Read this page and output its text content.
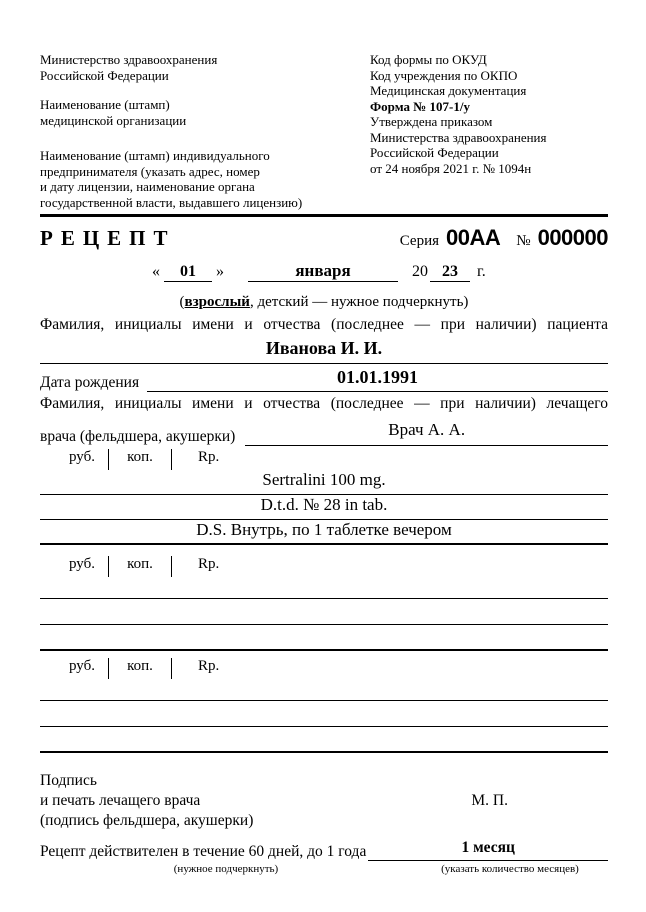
Министерство здравоохранения
Российской Федерации
Наименование (штамп)
медицинской организации
Наименование (штамп) индивидуального
предпринимателя (указать адрес, номер
и дату лицензии, наименование органа
государственной власти, выдавшего лицензию)
Код формы по ОКУД
Код учреждения по ОКПО
Медицинская документация
Форма № 107-1/у
Утверждена приказом
Министерства здравоохранения
Российской Федерации
от 24 ноября 2021 г. № 1094н
РЕЦЕПТ	Серия 00АА № 000000
«	01	»	января	20 23	г.
(взрослый, детский — нужное подчеркнуть)
Фамилия, инициалы имени и отчества (последнее — при наличии) пациента
Иванова И. И.
Дата рождения	01.01.1991
Фамилия, инициалы имени и отчества (последнее — при наличии) лечащего
врача (фельдшера, акушерки)	Врач А. А.
руб.	коп.	Rp.
Sertralini 100 mg.
D.t.d. № 28 in tab.
D.S. Внутрь, по 1 таблетке вечером
руб.	коп.	Rp.
руб.	коп.	Rp.
Подпись
и печать лечащего врача	М. П.
(подпись фельдшера, акушерки)
Рецепт действителен в течение 60 дней, до 1 года	1 месяц
(нужное подчеркнуть)	(указать количество месяцев)
